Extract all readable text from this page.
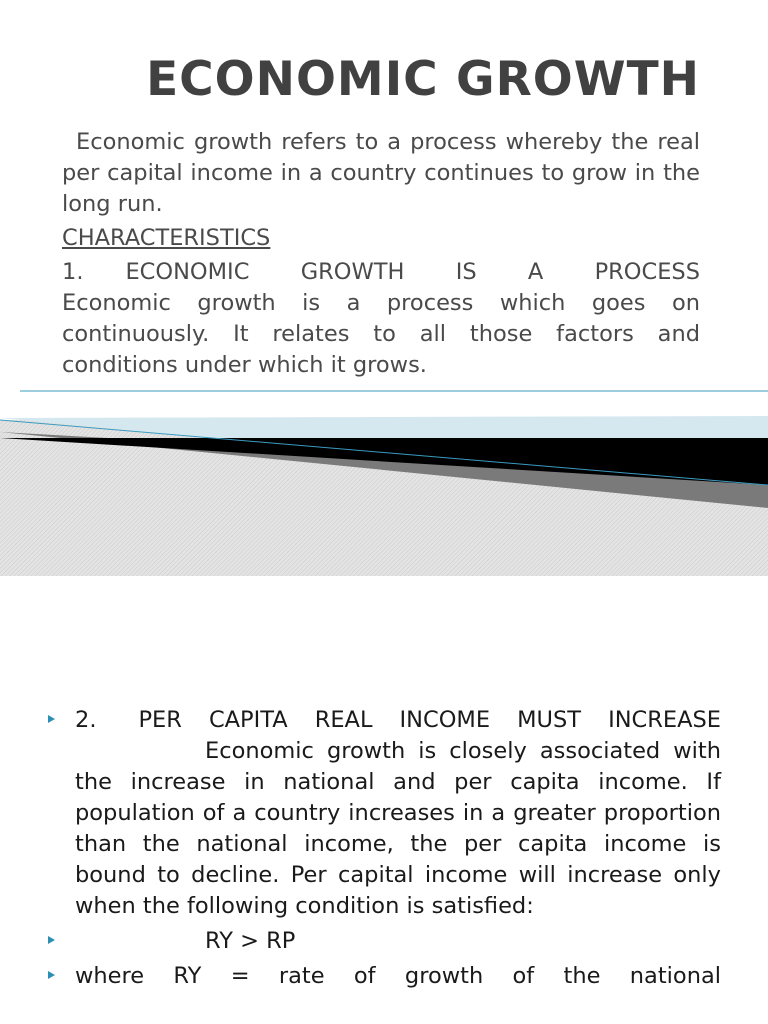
ECONOMIC GROWTH

Economic growth refers to a process whereby the real per capital income in a country continues to grow in the long run.

CHARACTERISTICS

1. ECONOMIC GROWTH IS A PROCESS

Economic growth is a process which goes on continuously. It relates to all those factors and conditions under which it grows.

2. PER CAPITA REAL INCOME MUST INCREASE

Economic growth is closely associated with the increase in national and per capita income. If population of a country increases in a greater proportion than the national income, the per capita income is bound to decline. Per capital income will increase only when the following condition is satisfied:

RY > RP

where RY = rate of growth of the national
